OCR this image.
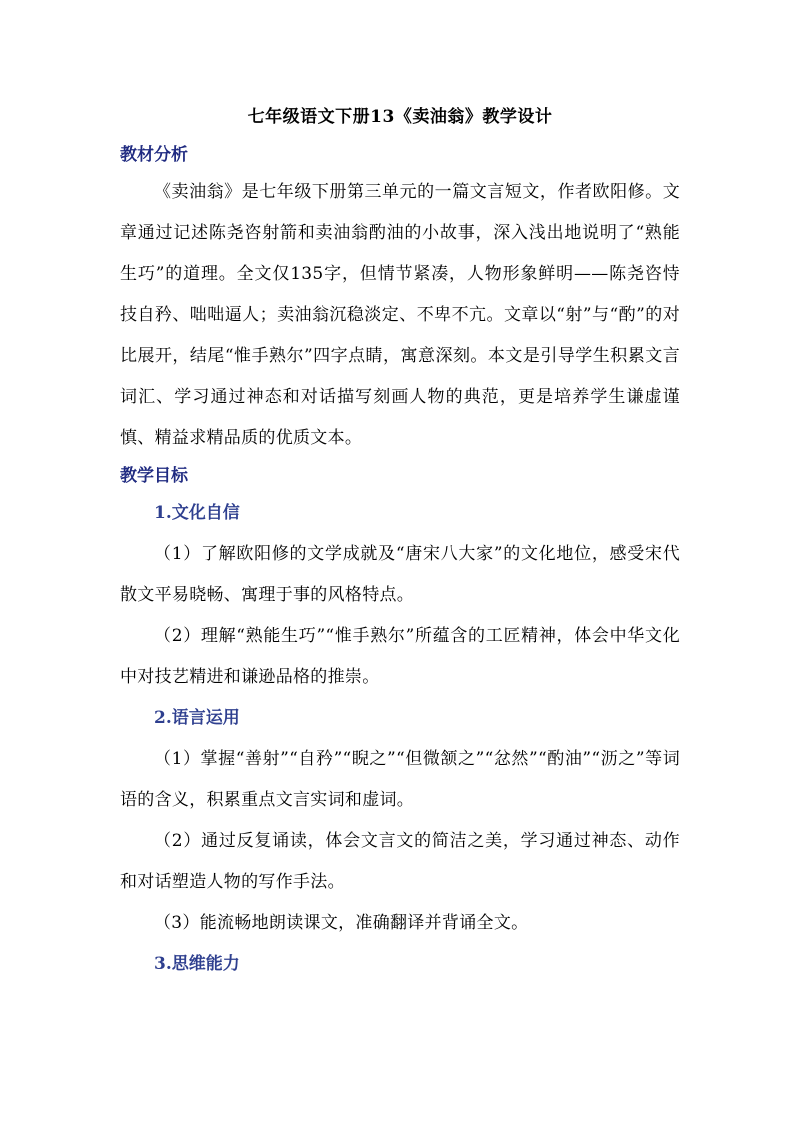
七年级语文下册13《卖油翁》教学设计
教材分析

《卖油翁》是七年级下册第三单元的一篇文言短文，作者欧阳修。文章通过记述陈尧咨射箭和卖油翁酌油的小故事，深入浅出地说明了“熟能生巧”的道理。全文仅135字，但情节紧凑，人物形象鲜明——陈尧咨恃技自矜、咄咄逼人；卖油翁沉稳淡定、不卑不亢。文章以“射”与“酌”的对比展开，结尾“惟手熟尔”四字点睛，寓意深刻。本文是引导学生积累文言词汇、学习通过神态和对话描写刻画人物的典范，更是培养学生谦虚谨慎、精益求精品质的优质文本。

教学目标
1.文化自信

（1）了解欧阳修的文学成就及“唐宋八大家”的文化地位，感受宋代散文平易晓畅、寓理于事的风格特点。

（2）理解“熟能生巧”“惟手熟尔”所蕴含的工匠精神，体会中华文化中对技艺精进和谦逊品格的推崇。

2.语言运用

（1）掌握“善射”“自矜”“睨之”“但微颔之”“忿然”“酌油”“沥之”等词语的含义，积累重点文言实词和虚词。

（2）通过反复诵读，体会文言文的简洁之美，学习通过神态、动作和对话塑造人物的写作手法。

（3）能流畅地朗读课文，准确翻译并背诵全文。

3.思维能力
